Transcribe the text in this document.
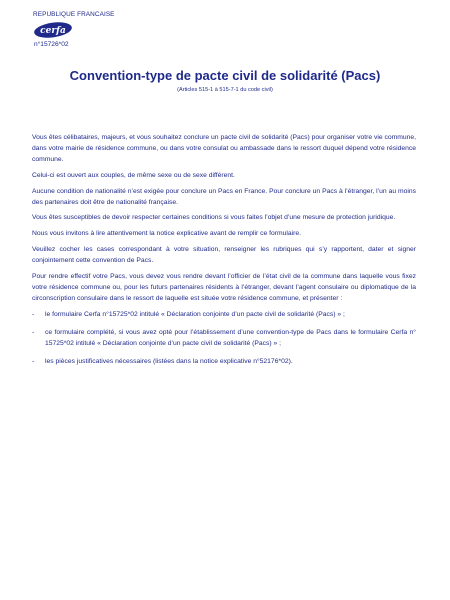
REPUBLIQUE FRANCAISE
cerfa
n°15726*02
Convention-type de pacte civil de solidarité (Pacs)
(Articles 515-1 à 515-7-1 du code civil)

Vous êtes célibataires, majeurs, et vous souhaitez conclure un pacte civil de solidarité (Pacs) pour organiser votre vie commune, dans votre mairie de résidence commune, ou dans votre consulat ou ambassade dans le ressort duquel dépend votre résidence commune.

Celui-ci est ouvert aux couples, de même sexe ou de sexe différent.

Aucune condition de nationalité n’est exigée pour conclure un Pacs en France. Pour conclure un Pacs à l’étranger, l’un au moins des partenaires doit être de nationalité française.

Vous êtes susceptibles de devoir respecter certaines conditions si vous faites l’objet d’une mesure de protection juridique.

Nous vous invitons à lire attentivement la notice explicative avant de remplir ce formulaire.

Veuillez cocher les cases correspondant à votre situation, renseigner les rubriques qui s’y rapportent, dater et signer conjointement cette convention de Pacs.

Pour rendre effectif votre Pacs, vous devez vous rendre devant l’officier de l’état civil de la commune dans laquelle vous fixez votre résidence commune ou, pour les futurs partenaires résidents à l’étranger, devant l’agent consulaire ou diplomatique de la circonscription consulaire dans le ressort de laquelle est située votre résidence commune, et présenter :

- le formulaire Cerfa n°15725*02 intitulé « Déclaration conjointe d’un pacte civil de solidarité (Pacs) » ;
- ce formulaire complété, si vous avez opté pour l’établissement d’une convention-type de Pacs dans le formulaire Cerfa n° 15725*02 intitulé « Déclaration conjointe d’un pacte civil de solidarité (Pacs) » ;
- les pièces justificatives nécessaires (listées dans la notice explicative n°52176*02).
